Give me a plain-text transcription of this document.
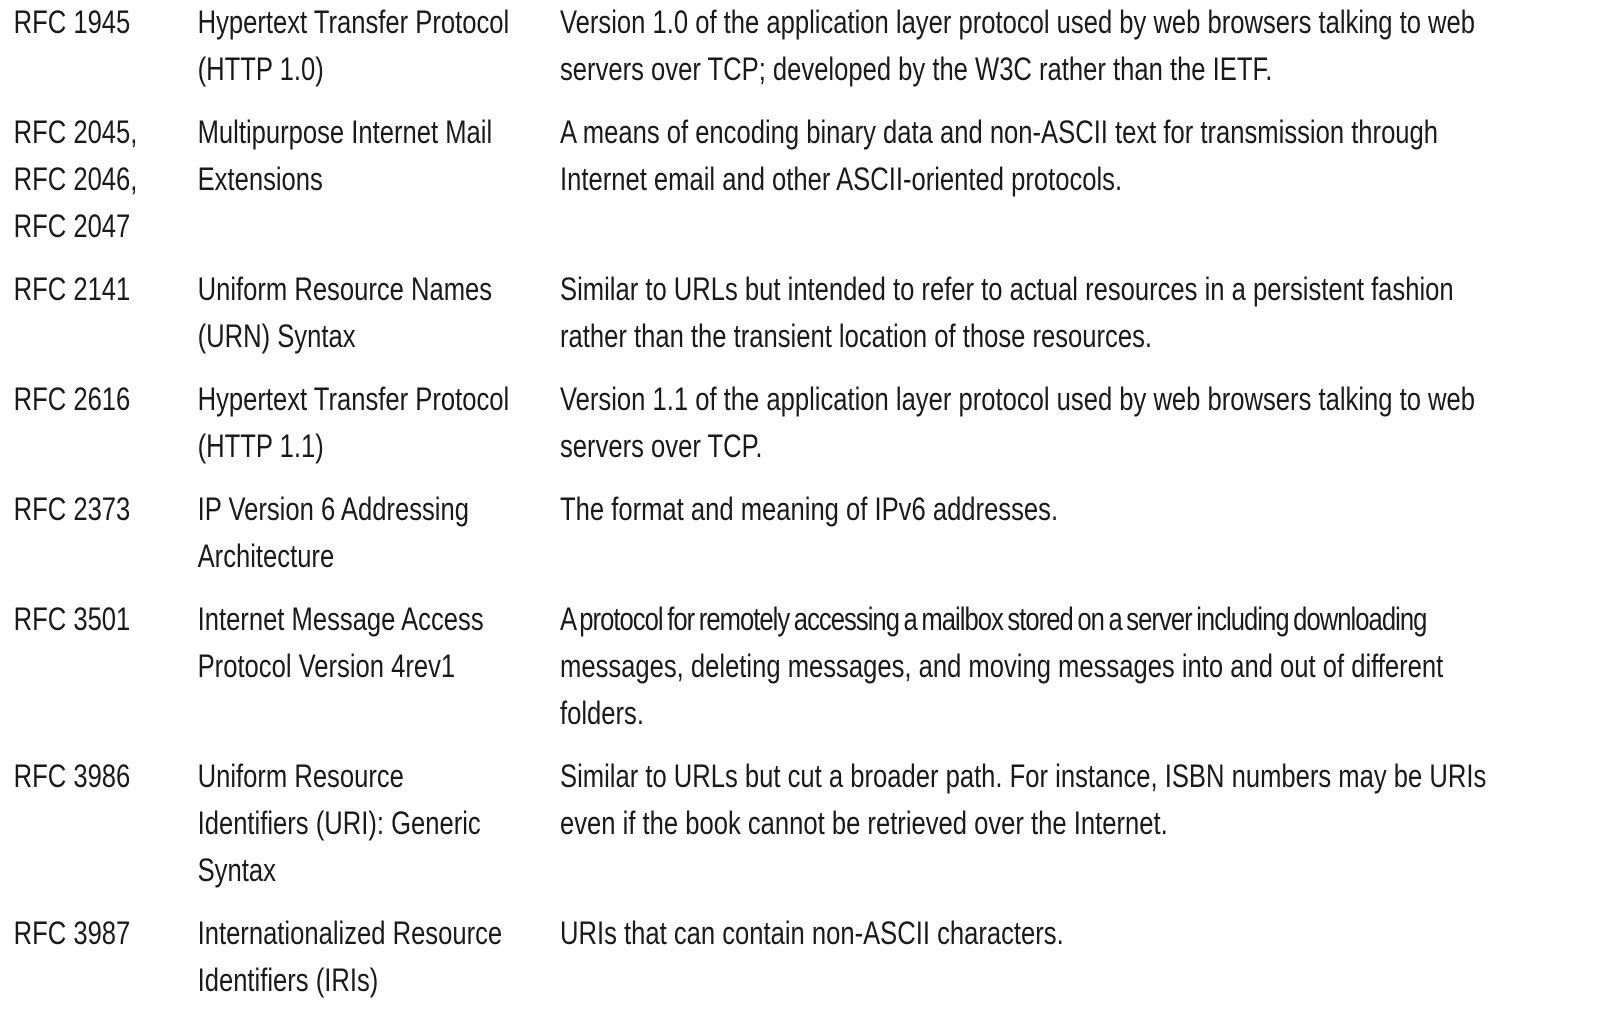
RFC 1945 Hypertext Transfer Protocol
(HTTP 1.0)
Version 1.0 of the application layer protocol used by web browsers talking to web
servers over TCP; developed by the W3C rather than the IETF.
RFC 2045,
RFC 2046,
RFC 2047
Multipurpose Internet Mail
Extensions
A means of encoding binary data and non-ASCII text for transmission through
Internet email and other ASCII-oriented protocols.
RFC 2141 Uniform Resource Names
(URN) Syntax
Similar to URLs but intended to refer to actual resources in a persistent fashion
rather than the transient location of those resources.
RFC 2616 Hypertext Transfer Protocol
(HTTP 1.1)
Version 1.1 of the application layer protocol used by web browsers talking to web
servers over TCP.
RFC 2373 IP Version 6 Addressing
Architecture
The format and meaning of IPv6 addresses.
RFC 3501 Internet Message Access
Protocol Version 4rev1
A protocol for remotely accessing a mailbox stored on a server including downloading
messages, deleting messages, and moving messages into and out of different
folders.
RFC 3986 Uniform Resource
Identifiers (URI): Generic
Syntax
Similar to URLs but cut a broader path. For instance, ISBN numbers may be URIs
even if the book cannot be retrieved over the Internet.
RFC 3987 Internationalized Resource
Identifiers (IRIs)
URIs that can contain non-ASCII characters.
